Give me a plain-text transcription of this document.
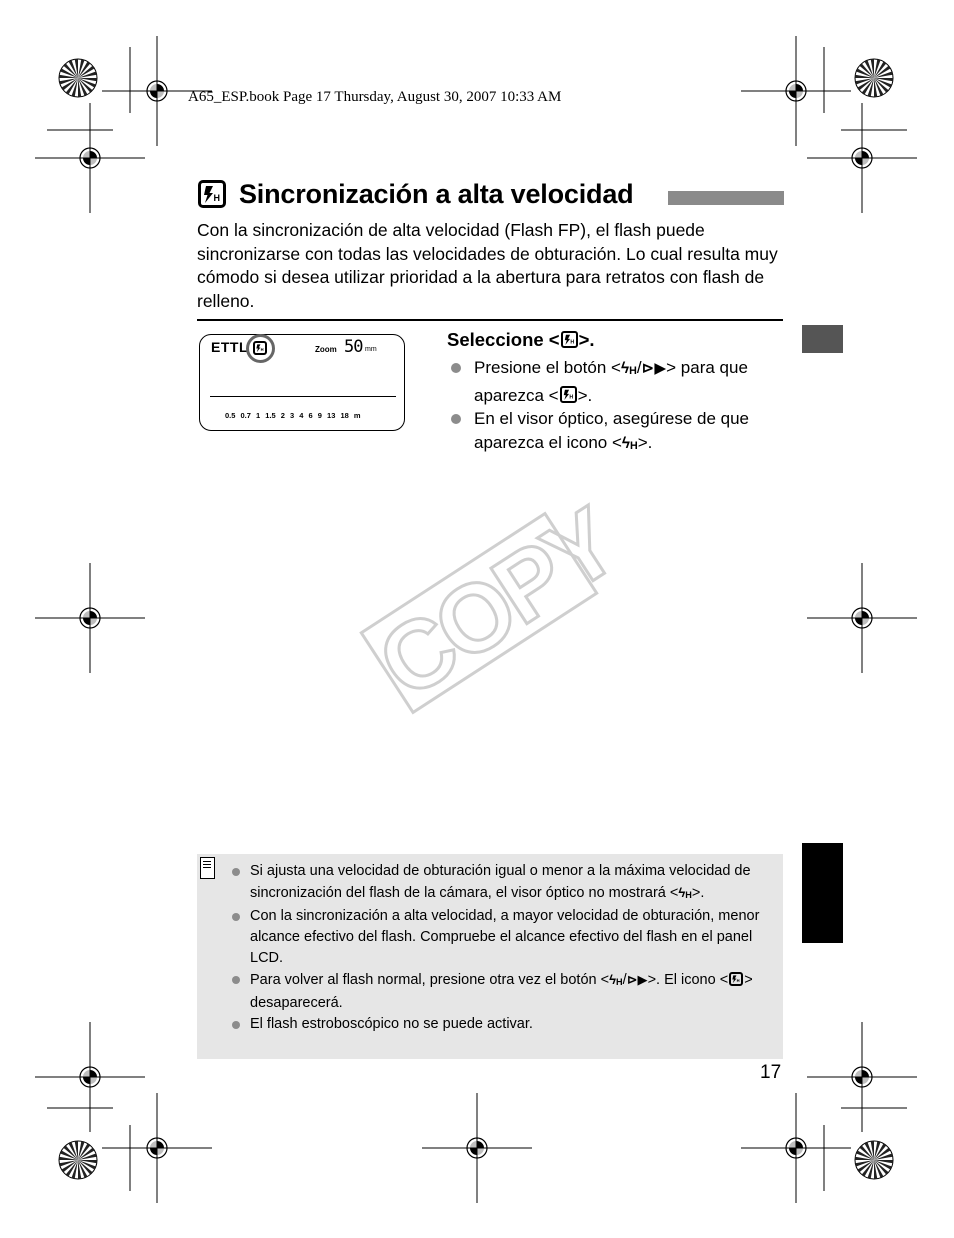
A65_ESP.book Page 17 Thursday, August 30, 2007 10:33 AM
H Sincronización a alta velocidad

Con la sincronización de alta velocidad (Flash FP), el flash puede sincronizarse con todas las velocidades de obturación. Lo cual resulta muy cómodo si desea utilizar prioridad a la abertura para retratos con flash de relleno.

ETTL H	Zoom 50 mm
0.5 0.7 1 1.5 2 3 4 6 9 13 18 m
Seleccione < H >.
Presione el botón <ϟH/⊳▶> para que aparezca < H >.
En el visor óptico, asegúrese de que aparezca el icono <ϟH>.
COPY
Si ajusta una velocidad de obturación igual o menor a la máxima velocidad de sincronización del flash de la cámara, el visor óptico no mostrará <ϟH>.
Con la sincronización a alta velocidad, a mayor velocidad de obturación, menor alcance efectivo del flash. Compruebe el alcance efectivo del flash en el panel LCD.
Para volver al flash normal, presione otra vez el botón <ϟH/⊳▶>. El icono < H > desaparecerá.
El flash estroboscópico no se puede activar.
17
